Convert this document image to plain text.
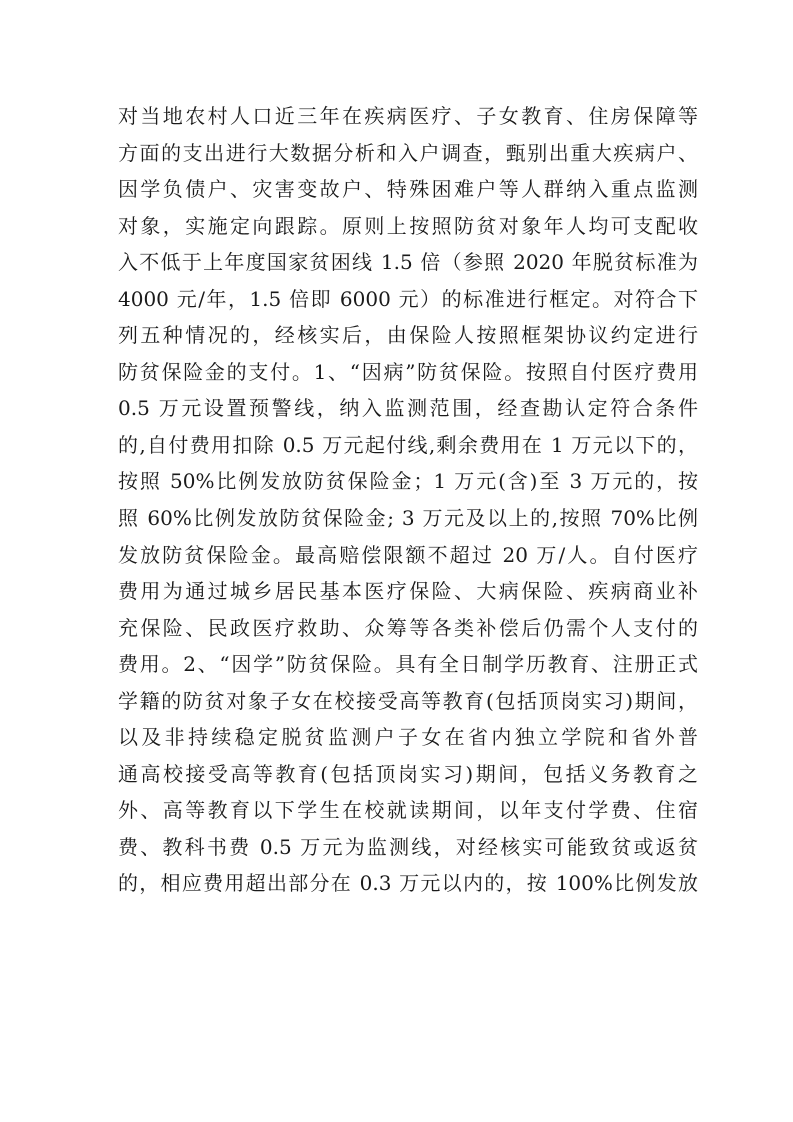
对当地农村人口近三年在疾病医疗、子女教育、住房保障等
方面的支出进行大数据分析和入户调查，甄别出重大疾病户、
因学负债户、灾害变故户、特殊困难户等人群纳入重点监测
对象，实施定向跟踪。原则上按照防贫对象年人均可支配收
入不低于上年度国家贫困线 1.5 倍（参照 2020 年脱贫标准为
4000 元/年，1.5 倍即 6000 元）的标准进行框定。对符合下
列五种情况的，经核实后，由保险人按照框架协议约定进行
防贫保险金的支付。1、“因病”防贫保险。按照自付医疗费用
0.5 万元设置预警线，纳入监测范围，经查勘认定符合条件
的,自付费用扣除 0.5 万元起付线,剩余费用在 1 万元以下的，
按照 50%比例发放防贫保险金；1 万元(含)至 3 万元的，按
照 60%比例发放防贫保险金; 3 万元及以上的,按照 70%比例
发放防贫保险金。最高赔偿限额不超过 20 万/人。自付医疗
费用为通过城乡居民基本医疗保险、大病保险、疾病商业补
充保险、民政医疗救助、众筹等各类补偿后仍需个人支付的
费用。2、“因学”防贫保险。具有全日制学历教育、注册正式
学籍的防贫对象子女在校接受高等教育(包括顶岗实习)期间，
以及非持续稳定脱贫监测户子女在省内独立学院和省外普
通高校接受高等教育(包括顶岗实习)期间，包括义务教育之
外、高等教育以下学生在校就读期间，以年支付学费、住宿
费、教科书费 0.5 万元为监测线，对经核实可能致贫或返贫
的，相应费用超出部分在 0.3 万元以内的，按 100%比例发放
